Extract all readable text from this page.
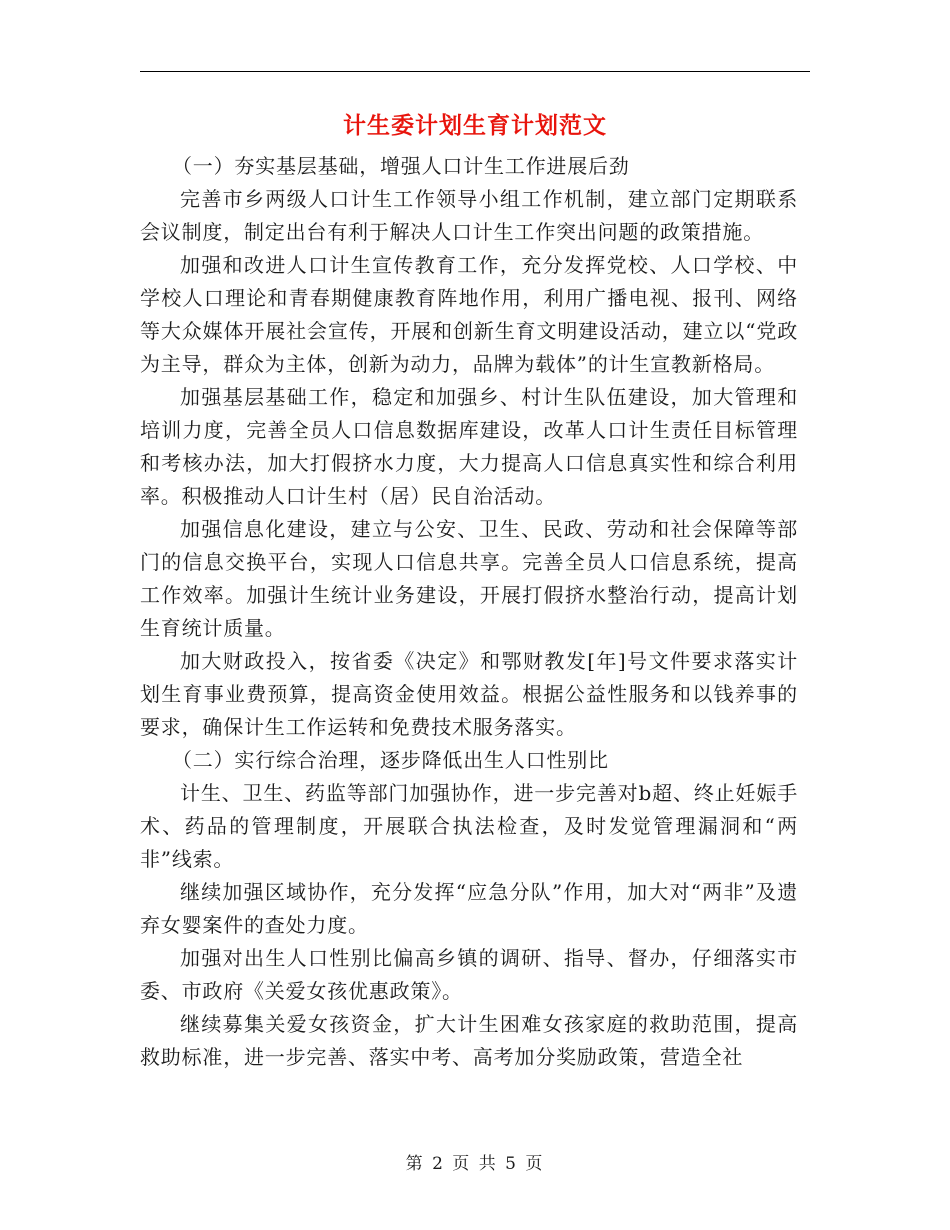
计生委计划生育计划范文

（一）夯实基层基础，增强人口计生工作进展后劲

完善市乡两级人口计生工作领导小组工作机制，建立部门定期联系会议制度，制定出台有利于解决人口计生工作突出问题的政策措施。

加强和改进人口计生宣传教育工作，充分发挥党校、人口学校、中学校人口理论和青春期健康教育阵地作用，利用广播电视、报刊、网络等大众媒体开展社会宣传，开展和创新生育文明建设活动，建立以“党政为主导，群众为主体，创新为动力，品牌为载体”的计生宣教新格局。

加强基层基础工作，稳定和加强乡、村计生队伍建设，加大管理和培训力度，完善全员人口信息数据库建设，改革人口计生责任目标管理和考核办法，加大打假挤水力度，大力提高人口信息真实性和综合利用率。积极推动人口计生村（居）民自治活动。

加强信息化建设，建立与公安、卫生、民政、劳动和社会保障等部门的信息交换平台，实现人口信息共享。完善全员人口信息系统，提高工作效率。加强计生统计业务建设，开展打假挤水整治行动，提高计划生育统计质量。

加大财政投入，按省委《决定》和鄂财教发[年]号文件要求落实计划生育事业费预算，提高资金使用效益。根据公益性服务和以钱养事的要求，确保计生工作运转和免费技术服务落实。

（二）实行综合治理，逐步降低出生人口性别比

计生、卫生、药监等部门加强协作，进一步完善对b超、终止妊娠手术、药品的管理制度，开展联合执法检查，及时发觉管理漏洞和“两非”线索。

继续加强区域协作，充分发挥“应急分队”作用，加大对“两非”及遗弃女婴案件的查处力度。

加强对出生人口性别比偏高乡镇的调研、指导、督办，仔细落实市委、市政府《关爱女孩优惠政策》。

继续募集关爱女孩资金，扩大计生困难女孩家庭的救助范围，提高救助标准，进一步完善、落实中考、高考加分奖励政策，营造全社

第 2 页 共 5 页
